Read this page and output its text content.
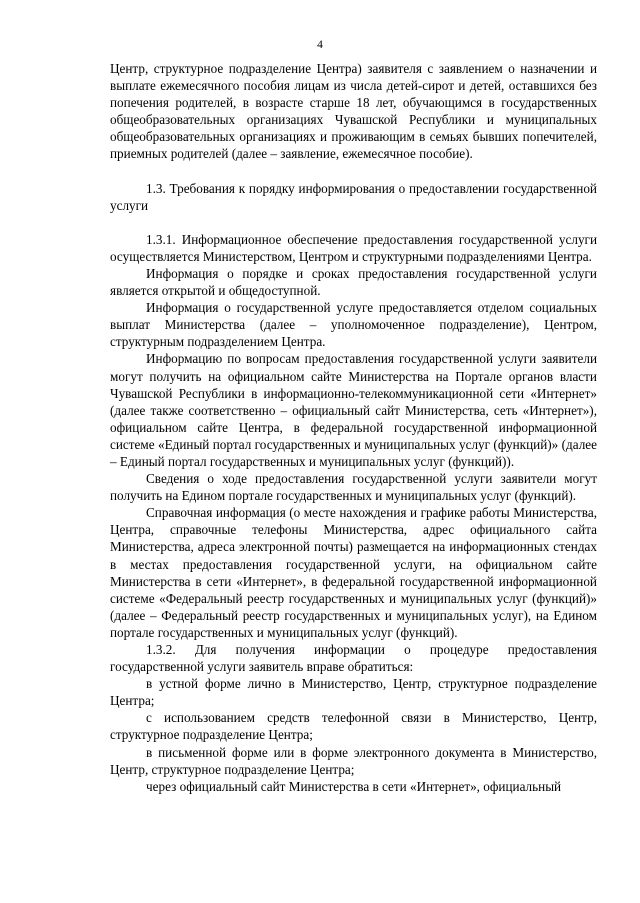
4

Центр, структурное подразделение Центра) заявителя с заявлением о назначении и выплате ежемесячного пособия лицам из числа детей-сирот и детей, оставшихся без попечения родителей, в возрасте старше 18 лет, обучающимся в государственных общеобразовательных организациях Чувашской Республики и муниципальных общеобразовательных организациях и проживающим в семьях бывших попечителей, приемных родителей (далее – заявление, ежемесячное пособие).

1.3. Требования к порядку информирования о предоставлении государственной услуги

1.3.1. Информационное обеспечение предоставления государственной услуги осуществляется Министерством, Центром и структурными подразделениями Центра.

Информация о порядке и сроках предоставления государственной услуги является открытой и общедоступной.

Информация о государственной услуге предоставляется отделом социальных выплат Министерства (далее – уполномоченное подразделение), Центром, структурным подразделением Центра.

Информацию по вопросам предоставления государственной услуги заявители могут получить на официальном сайте Министерства на Портале органов власти Чувашской Республики в информационно-телекоммуникационной сети «Интернет» (далее также соответственно – официальный сайт Министерства, сеть «Интернет»), официальном сайте Центра, в федеральной государственной информационной системе «Единый портал государственных и муниципальных услуг (функций)» (далее – Единый портал государственных и муниципальных услуг (функций)).

Сведения о ходе предоставления государственной услуги заявители могут получить на Едином портале государственных и муниципальных услуг (функций).

Справочная информация (о месте нахождения и графике работы Министерства, Центра, справочные телефоны Министерства, адрес официального сайта Министерства, адреса электронной почты) размещается на информационных стендах в местах предоставления государственной услуги, на официальном сайте Министерства в сети «Интернет», в федеральной государственной информационной системе «Федеральный реестр государственных и муниципальных услуг (функций)» (далее – Федеральный реестр государственных и муниципальных услуг), на Едином портале государственных и муниципальных услуг (функций).

1.3.2. Для получения информации о процедуре предоставления государственной услуги заявитель вправе обратиться:

в устной форме лично в Министерство, Центр, структурное подразделение Центра;

с использованием средств телефонной связи в Министерство, Центр, структурное подразделение Центра;

в письменной форме или в форме электронного документа в Министерство, Центр, структурное подразделение Центра;

через официальный сайт Министерства в сети «Интернет», официальный
